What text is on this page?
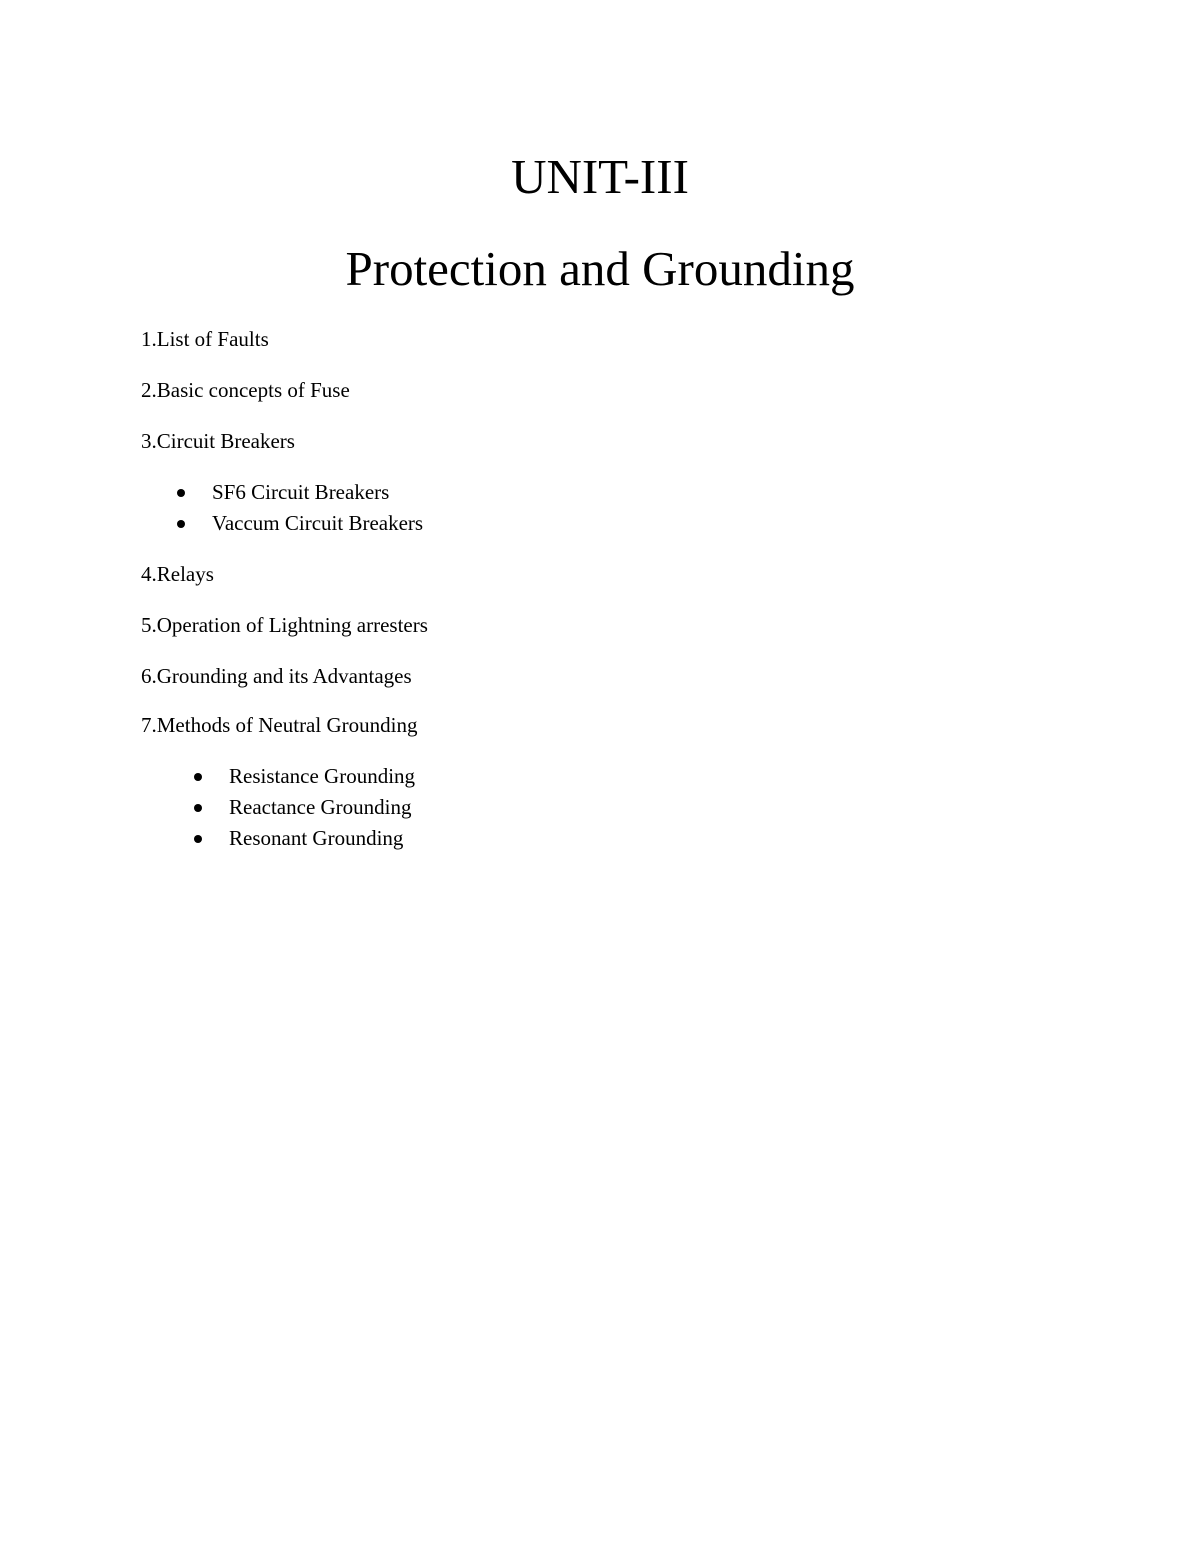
UNIT-III
Protection and Grounding
1.List of Faults
2.Basic concepts of Fuse
3.Circuit Breakers
SF6 Circuit Breakers
Vaccum Circuit Breakers
4.Relays
5.Operation of Lightning arresters
6.Grounding and its Advantages
7.Methods of Neutral Grounding
Resistance Grounding
Reactance Grounding
Resonant Grounding
